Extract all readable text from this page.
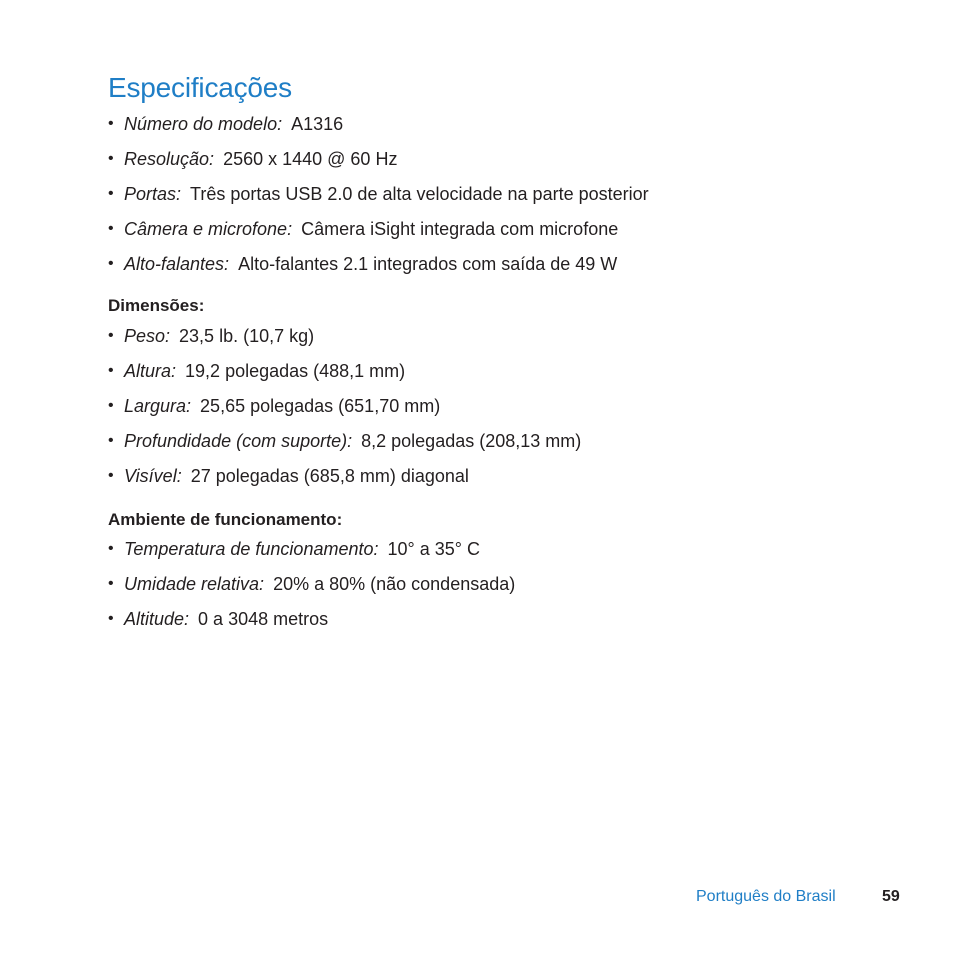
Especificações
• Número do modelo: A1316
• Resolução: 2560 x 1440 @ 60 Hz
• Portas: Três portas USB 2.0 de alta velocidade na parte posterior
• Câmera e microfone: Câmera iSight integrada com microfone
• Alto-falantes: Alto-falantes 2.1 integrados com saída de 49 W
Dimensões:
• Peso: 23,5 lb. (10,7 kg)
• Altura: 19,2 polegadas (488,1 mm)
• Largura: 25,65 polegadas (651,70 mm)
• Profundidade (com suporte): 8,2 polegadas (208,13 mm)
• Visível: 27 polegadas (685,8 mm) diagonal
Ambiente de funcionamento:
• Temperatura de funcionamento: 10° a 35° C
• Umidade relativa: 20% a 80% (não condensada)
• Altitude: 0 a 3048 metros
Português do Brasil	59
